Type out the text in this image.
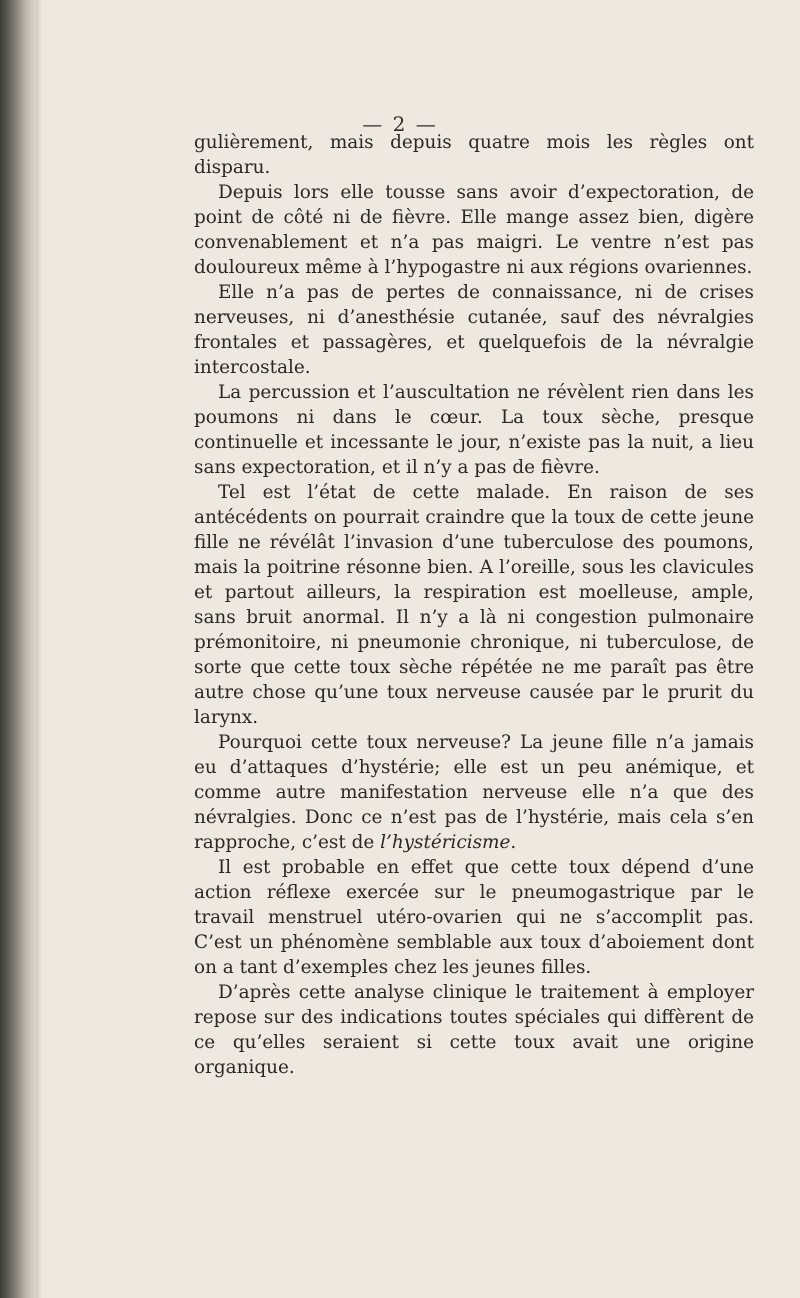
— 2 —

gulièrement, mais depuis quatre mois les règles ont disparu.

Depuis lors elle tousse sans avoir d’expectoration, de point de côté ni de fièvre. Elle mange assez bien, digère convenablement et n’a pas maigri. Le ventre n’est pas douloureux même à l’hypogastre ni aux régions ovariennes.

Elle n’a pas de pertes de connaissance, ni de crises nerveuses, ni d’anesthésie cutanée, sauf des névralgies frontales et passagères, et quelquefois de la névralgie intercostale.

La percussion et l’auscultation ne révèlent rien dans les poumons ni dans le cœur. La toux sèche, presque continuelle et incessante le jour, n’existe pas la nuit, a lieu sans expectoration, et il n’y a pas de fièvre.

Tel est l’état de cette malade. En raison de ses antécédents on pourrait craindre que la toux de cette jeune fille ne révélât l’invasion d’une tuberculose des poumons, mais la poitrine résonne bien. A l’oreille, sous les clavicules et partout ailleurs, la respiration est moelleuse, ample, sans bruit anormal. Il n’y a là ni congestion pulmonaire prémonitoire, ni pneumonie chronique, ni tuberculose, de sorte que cette toux sèche répétée ne me paraît pas être autre chose qu’une toux nerveuse causée par le prurit du larynx.

Pourquoi cette toux nerveuse? La jeune fille n’a jamais eu d’attaques d’hystérie; elle est un peu anémique, et comme autre manifestation nerveuse elle n’a que des névralgies. Donc ce n’est pas de l’hystérie, mais cela s’en rapproche, c’est de l’hystéricisme.

Il est probable en effet que cette toux dépend d’une action réflexe exercée sur le pneumogastrique par le travail menstruel utéro-ovarien qui ne s’accomplit pas. C’est un phénomène semblable aux toux d’aboiement dont on a tant d’exemples chez les jeunes filles.

D’après cette analyse clinique le traitement à employer repose sur des indications toutes spéciales qui diffèrent de ce qu’elles seraient si cette toux avait une origine organique.
